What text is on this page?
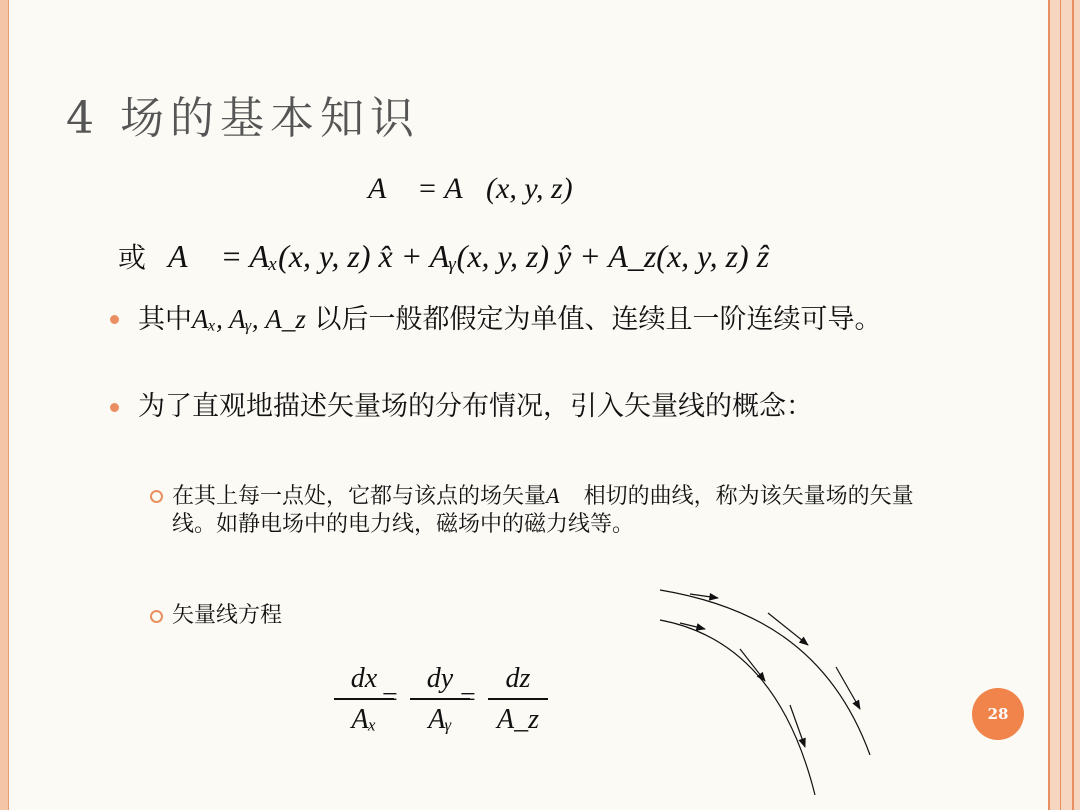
4 场的基本知识
A⃗ = A⃗(x, y, z)
或 A⃗ = Aₓ(x, y, z) x̂ + Aᵧ(x, y, z) ŷ + A_z(x, y, z) ẑ
其中Aₓ, Aᵧ, A_z 以后一般都假定为单值、连续且一阶连续可导。
为了直观地描述矢量场的分布情况，引入矢量线的概念：
在其上每一点处，它都与该点的场矢量A⃗ 相切的曲线，称为该矢量场的矢量线。如静电场中的电力线，磁场中的磁力线等。
矢量线方程
dx
Aₓ
=
dy
Aᵧ
=
dz
A_z	28
